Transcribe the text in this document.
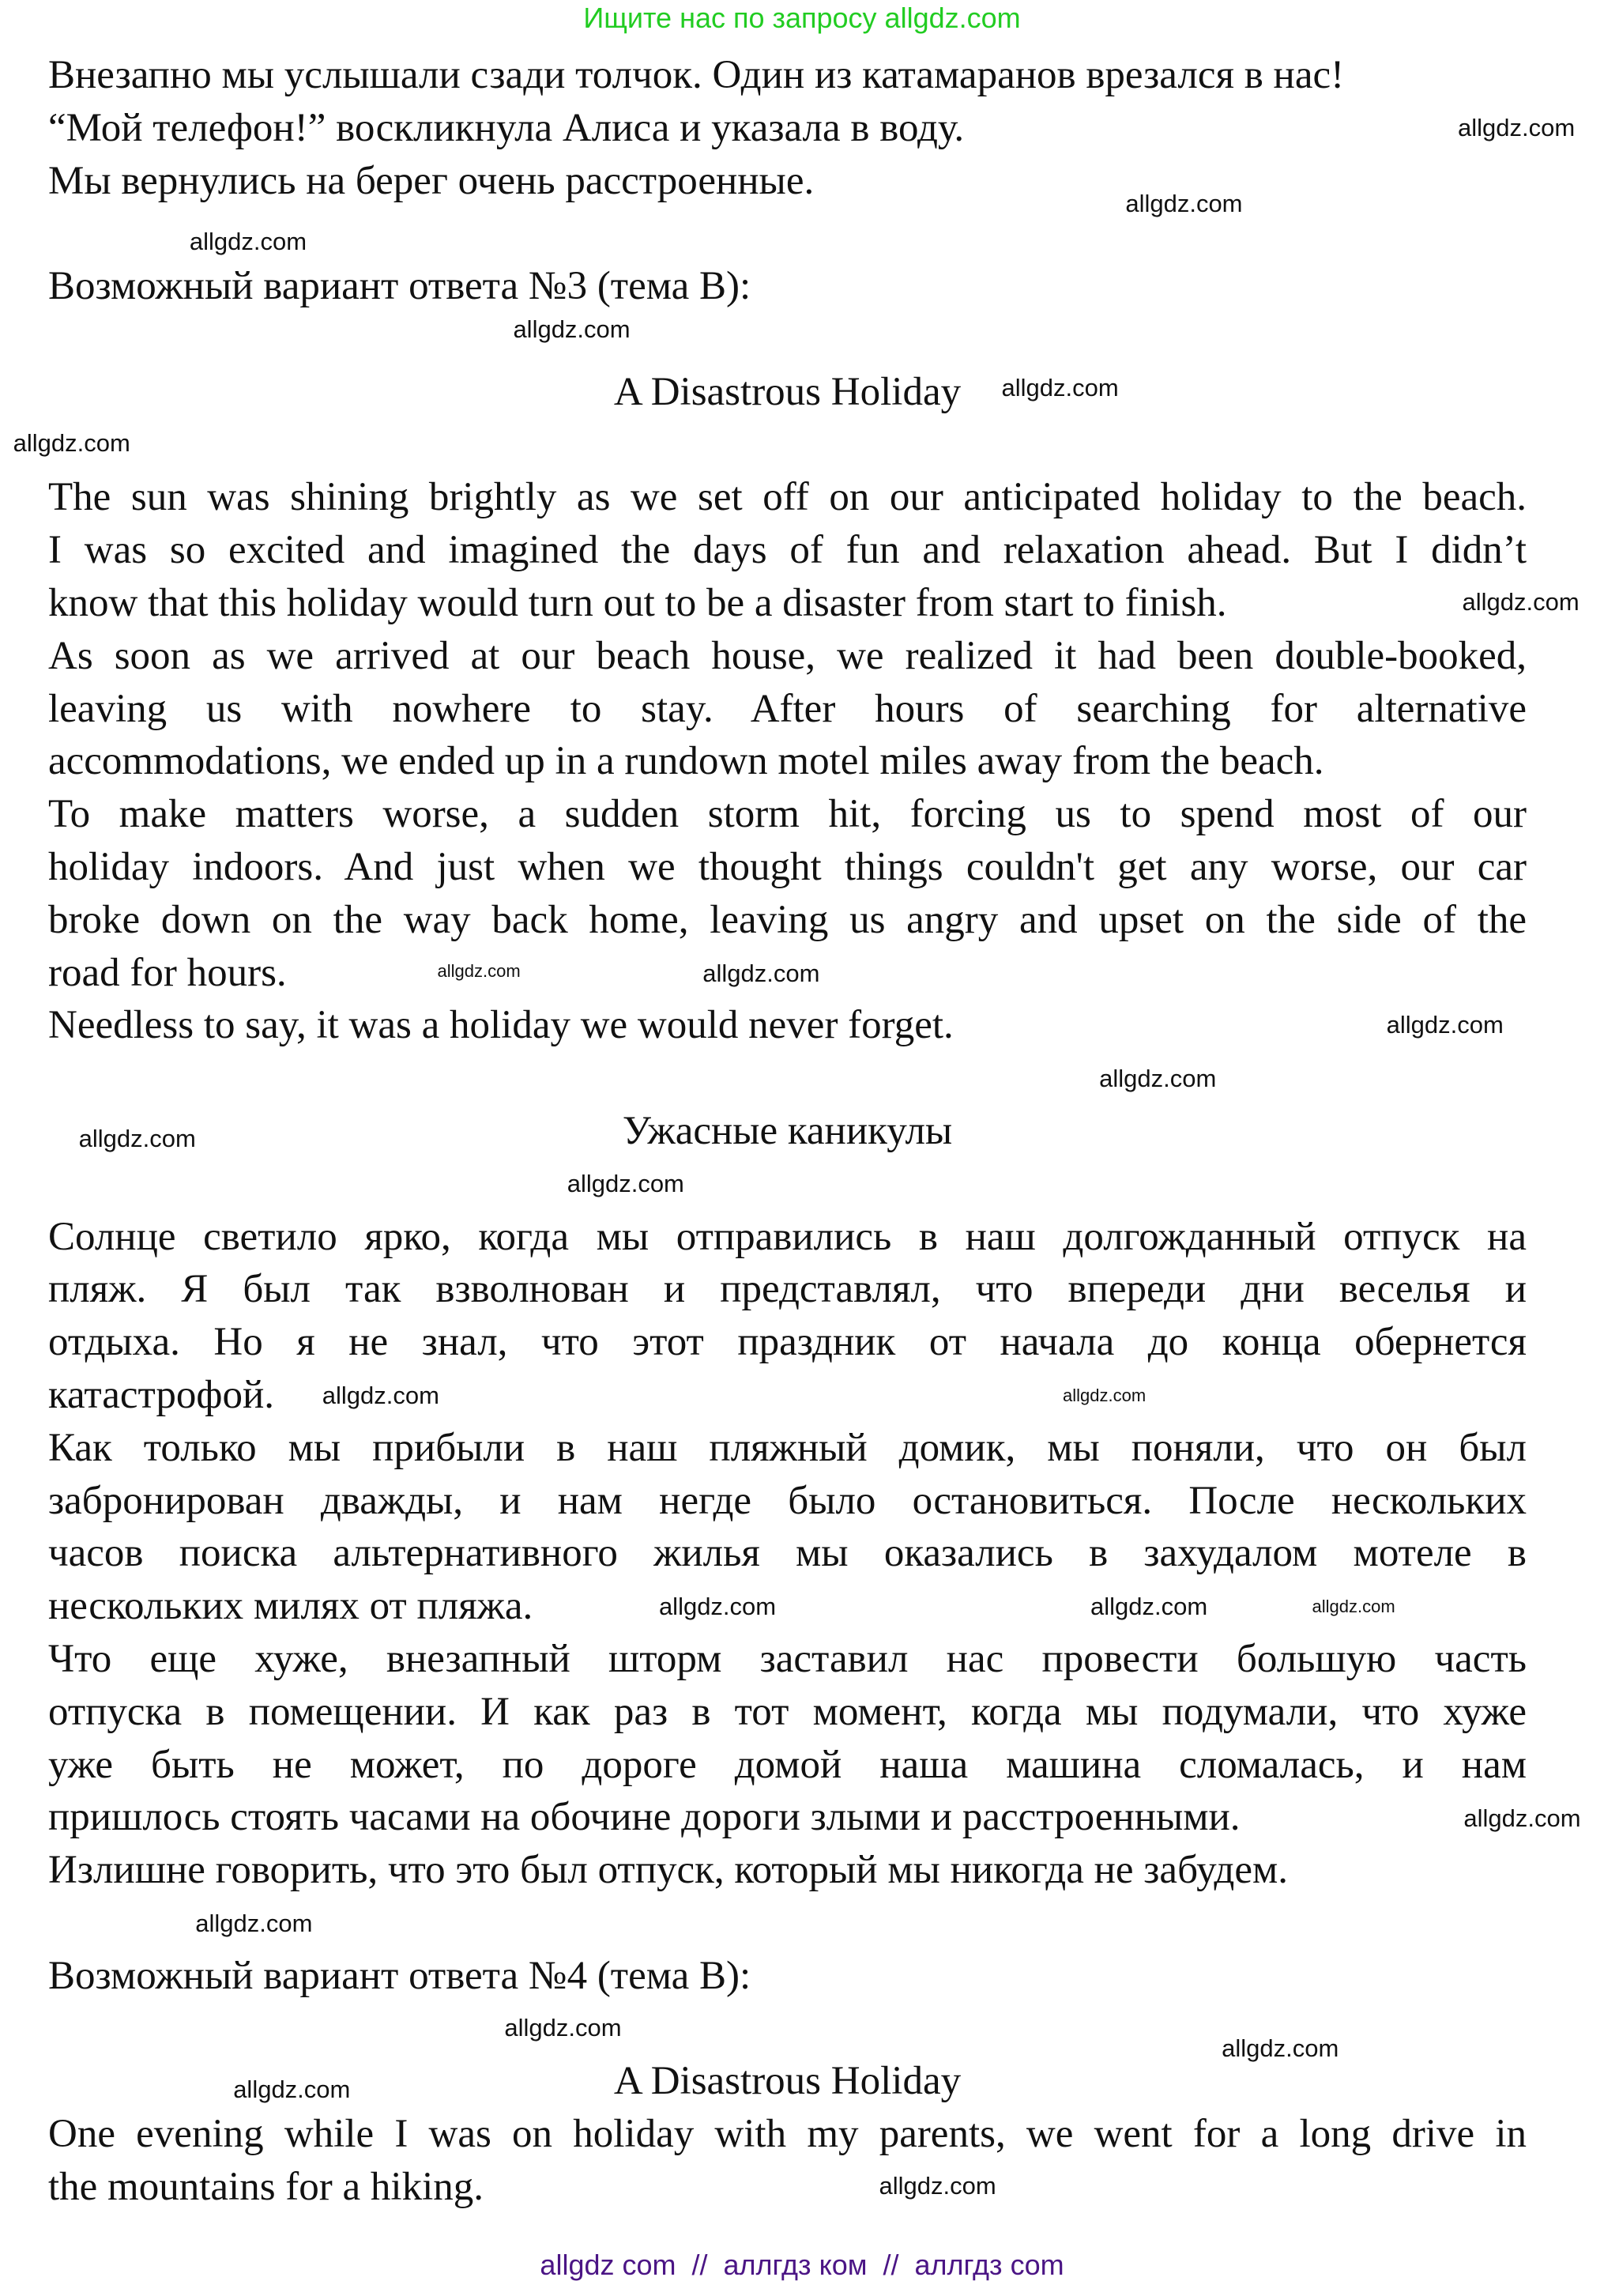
Ищите нас по запросу allgdz.com
Внезапно мы услышали сзади толчок. Один из катамаранов врезался в нас!
“Мой телефон!” воскликнула Алиса и указала в воду.
Мы вернулись на берег очень расстроенные.
Возможный вариант ответа №3 (тема B):
A Disastrous Holiday
The sun was shining brightly as we set off on our anticipated holiday to the beach.
I was so excited and imagined the days of fun and relaxation ahead. But I didn’t
know that this holiday would turn out to be a disaster from start to finish.
As soon as we arrived at our beach house, we realized it had been double-booked,
leaving us with nowhere to stay. After hours of searching for alternative
accommodations, we ended up in a rundown motel miles away from the beach.
To make matters worse, a sudden storm hit, forcing us to spend most of our
holiday indoors. And just when we thought things couldn't get any worse, our car
broke down on the way back home, leaving us angry and upset on the side of the
road for hours.
Needless to say, it was a holiday we would never forget.
Ужасные каникулы
Солнце светило ярко, когда мы отправились в наш долгожданный отпуск на
пляж. Я был так взволнован и представлял, что впереди дни веселья и
отдыха. Но я не знал, что этот праздник от начала до конца обернется
катастрофой.
Как только мы прибыли в наш пляжный домик, мы поняли, что он был
забронирован дважды, и нам негде было остановиться. После нескольких
часов поиска альтернативного жилья мы оказались в захудалом мотеле в
нескольких милях от пляжа.
Что еще хуже, внезапный шторм заставил нас провести большую часть
отпуска в помещении. И как раз в тот момент, когда мы подумали, что хуже
уже быть не может, по дороге домой наша машина сломалась, и нам
пришлось стоять часами на обочине дороги злыми и расстроенными.
Излишне говорить, что это был отпуск, который мы никогда не забудем.
Возможный вариант ответа №4 (тема B):
A Disastrous Holiday
One evening while I was on holiday with my parents, we went for a long drive in
the mountains for a hiking.
allgdz.com
allgdz.com
allgdz.com
allgdz.com
allgdz.com
allgdz.com
allgdz.com
allgdz.com	allgdz.com
allgdz.com
allgdz.com
allgdz.com
allgdz.com
allgdz.com
allgdz.com
allgdz.com
allgdz.com	allgdz.com
allgdz.com
allgdz.com
allgdz.com
allgdz.com
allgdz.com
allgdz.com
allgdz com  //  аллгдз ком  //  аллгдз com
